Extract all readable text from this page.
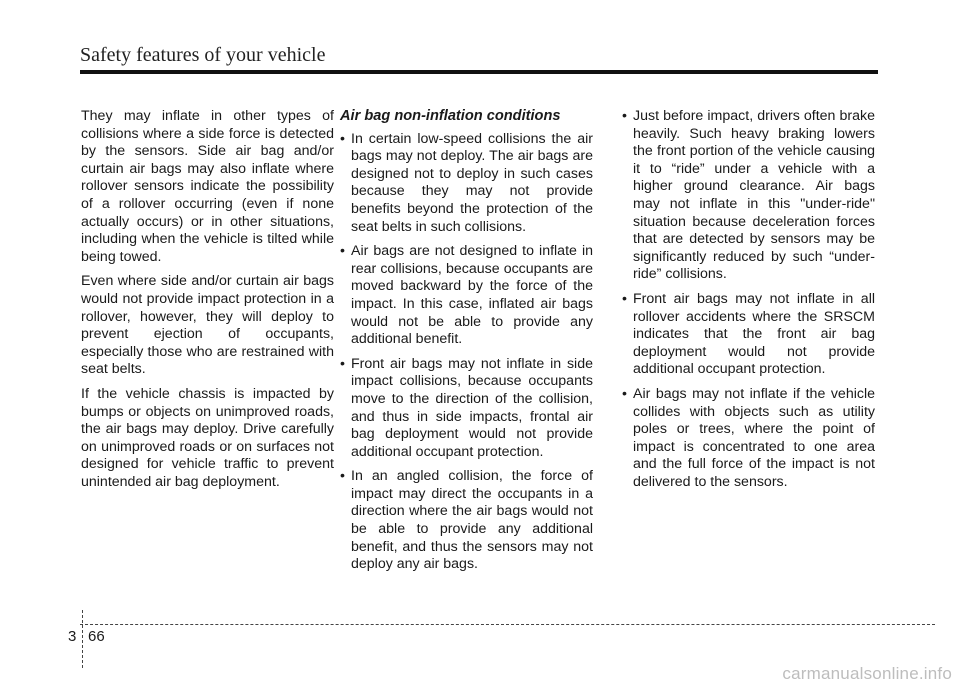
Safety features of your vehicle

They may inflate in other types of collisions where a side force is detected by the sensors. Side air bag and/or curtain air bags may also inflate where rollover sensors indicate the possibility of a rollover occurring (even if none actually occurs) or in other situations, including when the vehicle is tilted while being towed.

Even where side and/or curtain air bags would not provide impact protection in a rollover, however, they will deploy to prevent ejection of occupants, especially those who are restrained with seat belts.

If the vehicle chassis is impacted by bumps or objects on unimproved roads, the air bags may deploy. Drive carefully on unimproved roads or on surfaces not designed for vehicle traffic to prevent unintended air bag deployment.

Air bag non-inflation conditions
• In certain low-speed collisions the air bags may not deploy. The air bags are designed not to deploy in such cases because they may not provide benefits beyond the protection of the seat belts in such collisions.
• Air bags are not designed to inflate in rear collisions, because occupants are moved backward by the force of the impact. In this case, inflated air bags would not be able to provide any additional benefit.
• Front air bags may not inflate in side impact collisions, because occupants move to the direction of the collision, and thus in side impacts, frontal air bag deployment would not provide additional occupant protection.
• In an angled collision, the force of impact may direct the occupants in a direction where the air bags would not be able to provide any additional benefit, and thus the sensors may not deploy any air bags.
• Just before impact, drivers often brake heavily. Such heavy braking lowers the front portion of the vehicle causing it to “ride” under a vehicle with a higher ground clearance. Air bags may not inflate in this "under-ride" situation because deceleration forces that are detected by sensors may be significantly reduced by such “under-ride” collisions.
• Front air bags may not inflate in all rollover accidents where the SRSCM indicates that the front air bag deployment would not provide additional occupant protection.
• Air bags may not inflate if the vehicle collides with objects such as utility poles or trees, where the point of impact is concentrated to one area and the full force of the impact is not delivered to the sensors.
3 66
carmanualsonline.info
